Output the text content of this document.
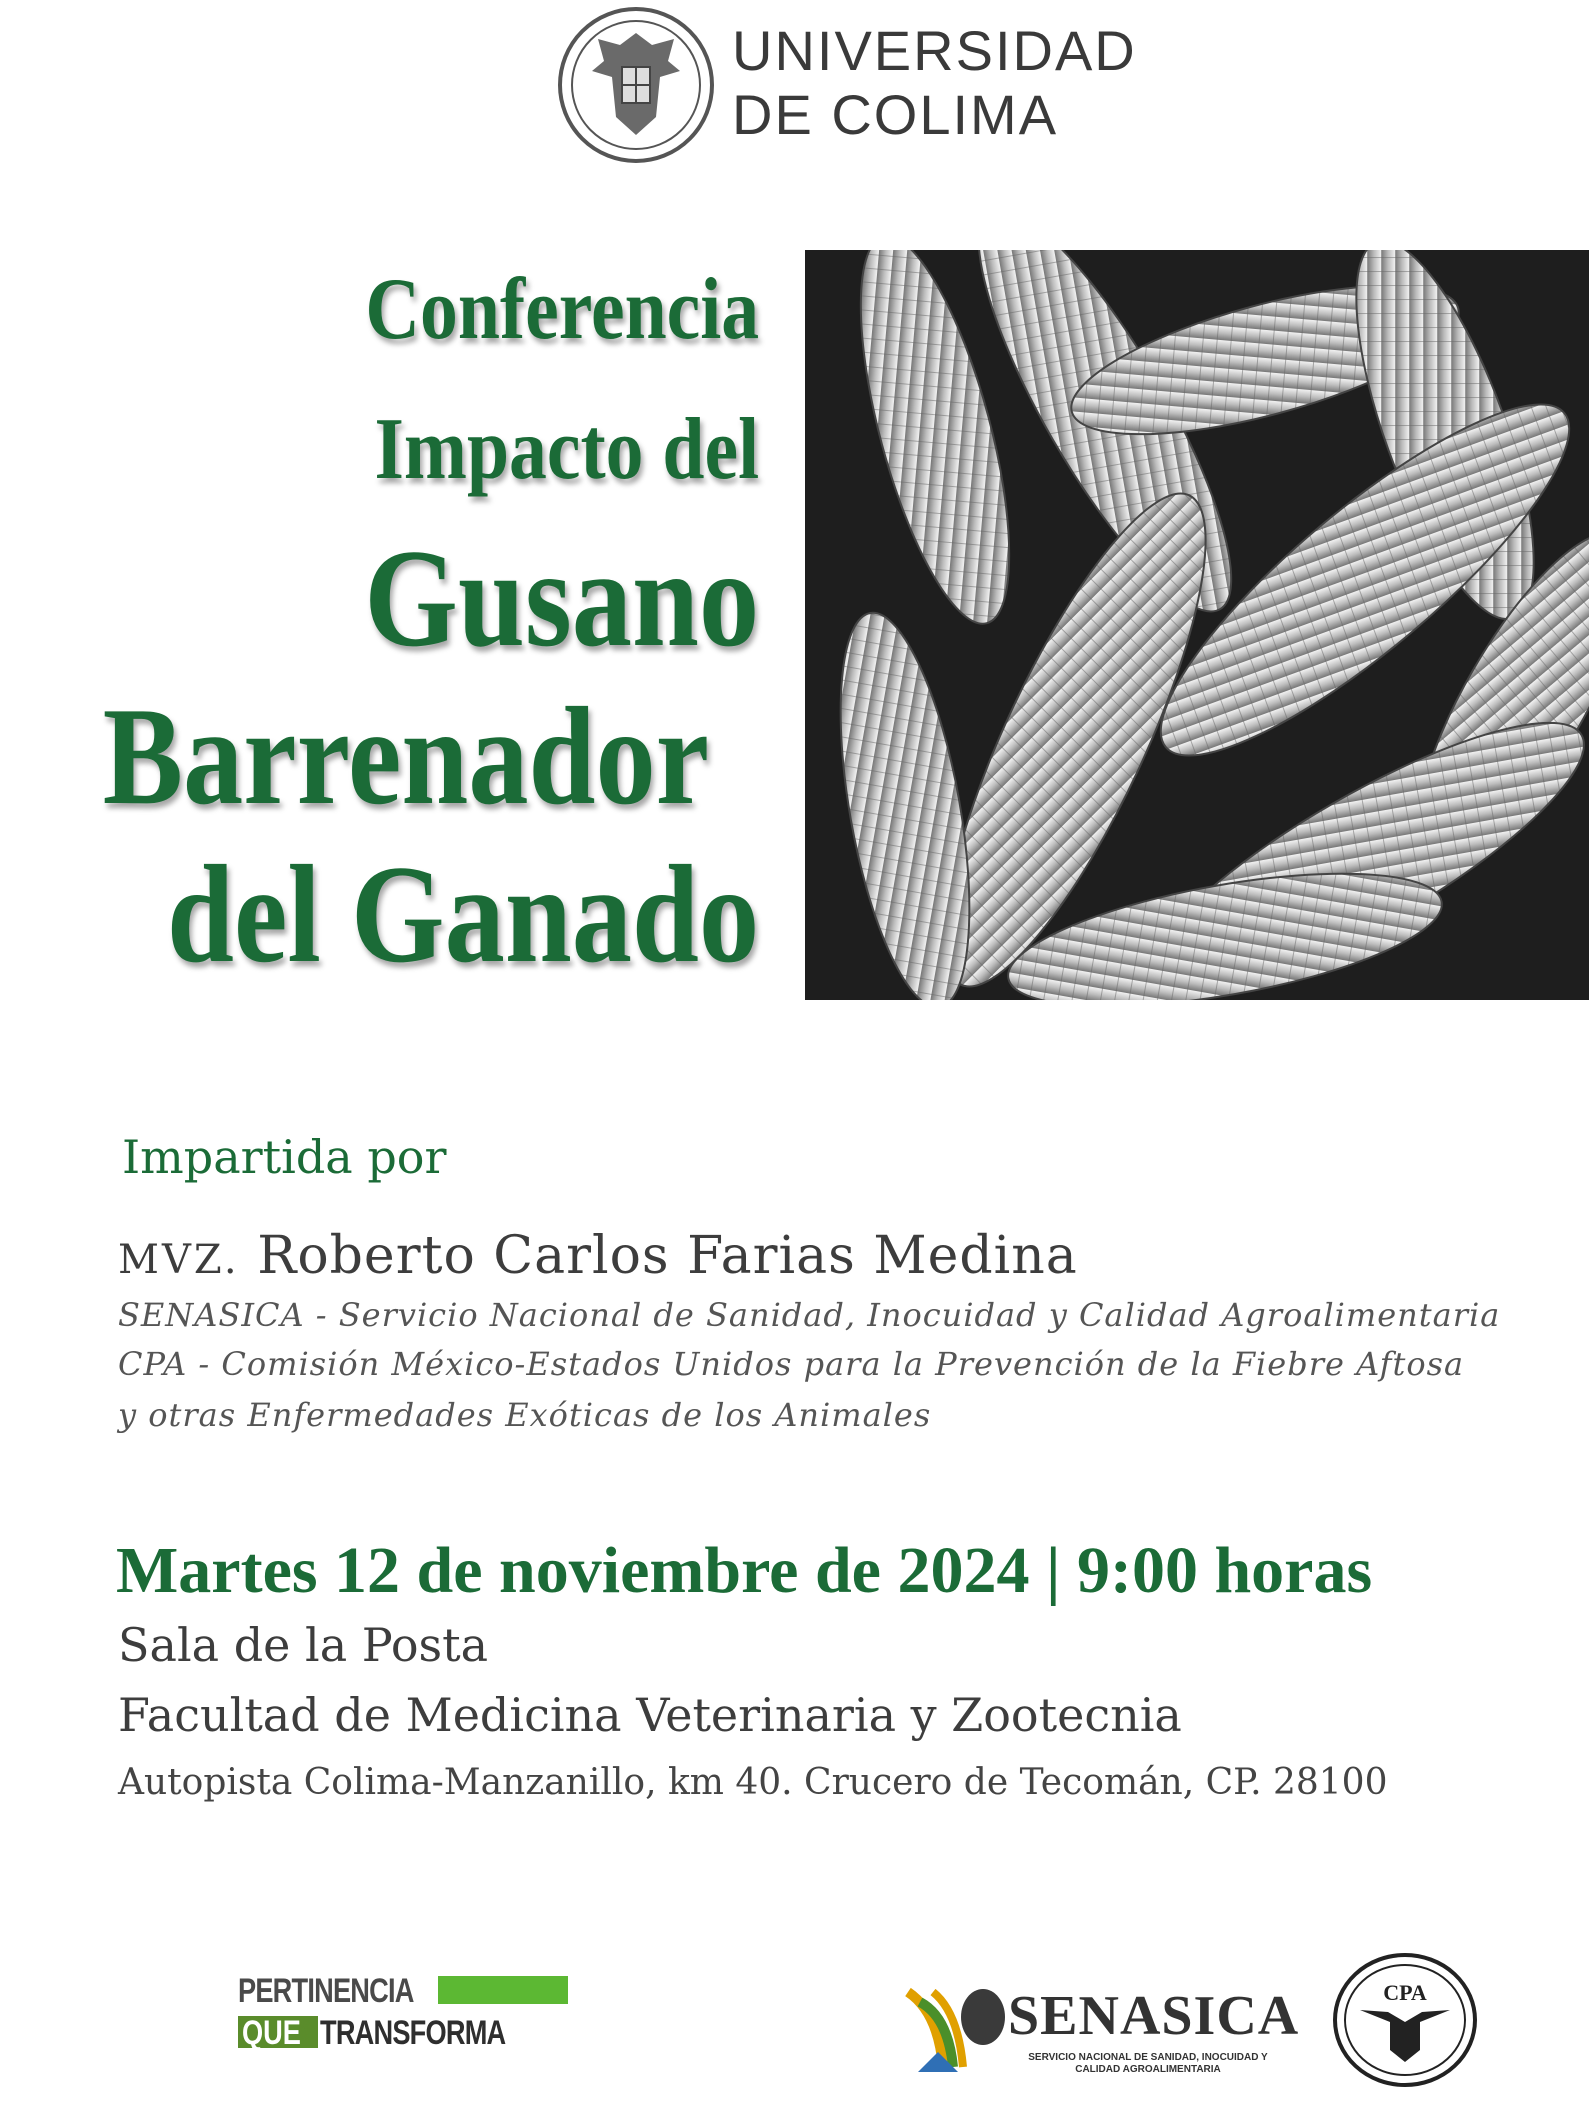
UNIVERSIDAD
DE COLIMA
Conferencia
Impacto del
Gusano
Barrenador
del Ganado
Impartida por
MVZ. Roberto Carlos Farias Medina
SENASICA - Servicio Nacional de Sanidad, Inocuidad y Calidad Agroalimentaria
CPA - Comisión México-Estados Unidos para la Prevención de la Fiebre Aftosa
y otras Enfermedades Exóticas de los Animales
Martes 12 de noviembre de 2024 | 9:00 horas
Sala de la Posta
Facultad de Medicina Veterinaria y Zootecnia
Autopista Colima-Manzanillo, km 40. Crucero de Tecomán, CP. 28100
PERTINENCIA
QUE TRANSFORMA	SENASICA
SERVICIO NACIONAL DE SANIDAD, INOCUIDAD Y CALIDAD AGROALIMENTARIA
CPA
